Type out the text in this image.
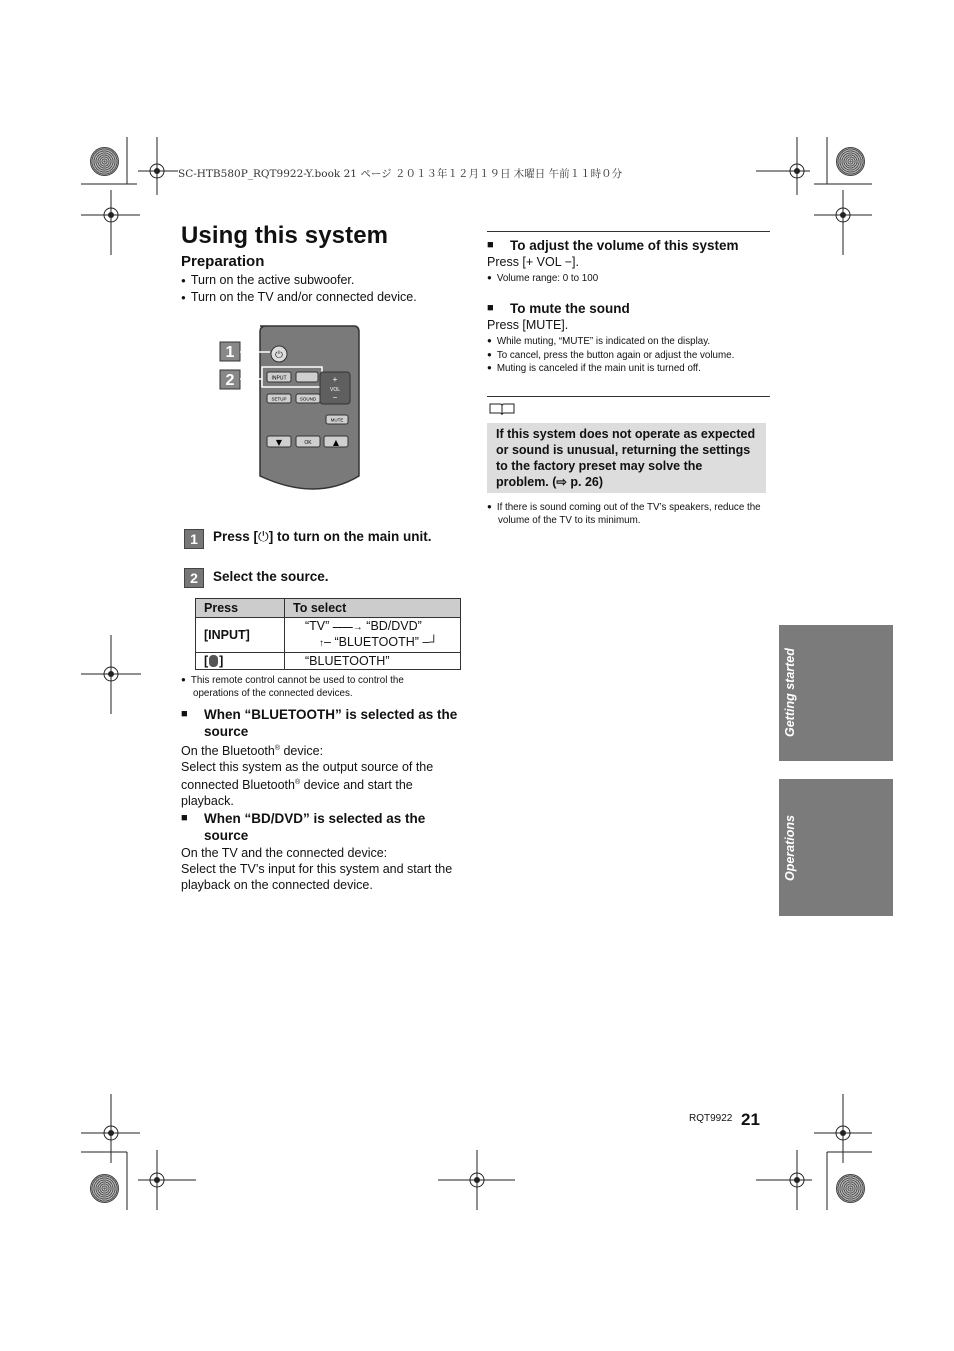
SC-HTB580P_RQT9922-Y.book 21 ページ ２０１３年１２月１９日 木曜日 午前１１時０分
Using this system
Preparation
● Turn on the active subwoofer.
● Turn on the TV and/or connected device.
1
2
⏻
INPUT	+
VOL
−
SETUP	SOUND
MUTE
▼	OK	▲
1	Press [⏻] to turn on the main unit.
2	Select the source.
Press	To select
[INPUT]	“TV” ⎯⎯⎯⎯→ “BD/DVD”
↑– “BLUETOOTH” –┘

[ ]	“BLUETOOTH”
● This remote control cannot be used to control the operations of the connected devices.
■	When “BLUETOOTH” is selected as the source
On the Bluetooth® device:
Select this system as the output source of the
connected Bluetooth® device and start the
playback.
■	When “BD/DVD” is selected as the source
On the TV and the connected device:
Select the TV’s input for this system and start the playback on the connected device.
■	To adjust the volume of this system
Press [+ VOL −].
● Volume range: 0 to 100
■	To mute the sound
Press [MUTE].
● While muting, “MUTE” is indicated on the display.
● To cancel, press the button again or adjust the volume.
● Muting is canceled if the main unit is turned off.
If this system does not operate as expected or sound is unusual, returning the settings to the factory preset may solve the problem. (⇨ p. 26)
● If there is sound coming out of the TV’s speakers, reduce the volume of the TV to its minimum.
Getting started
Operations
RQT9922 21
